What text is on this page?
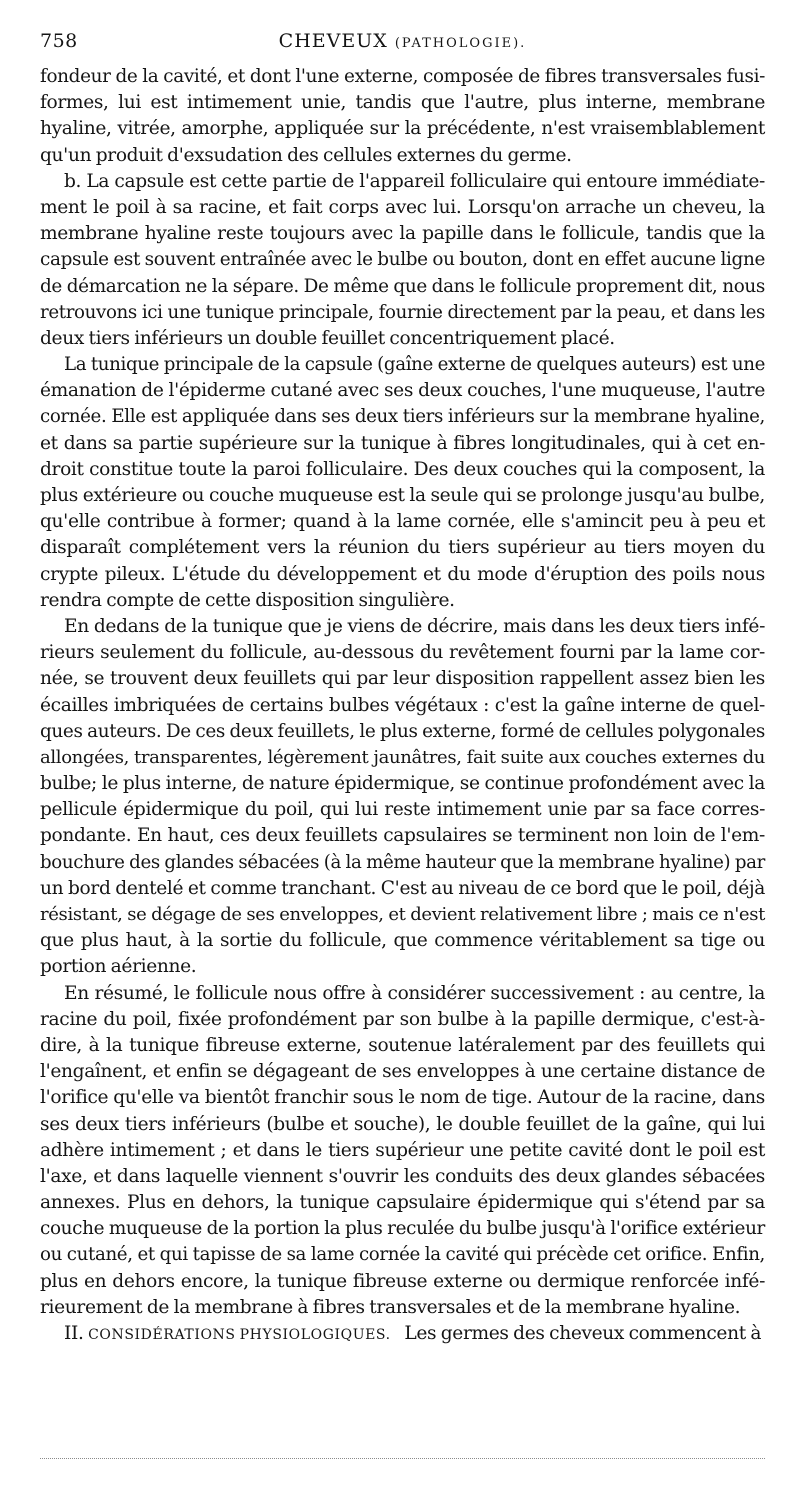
758	CHEVEUX (PATHOLOGIE).

fondeur de la cavité, et dont l'une externe, composée de fibres transversales fusi-
formes, lui est intimement unie, tandis que l'autre, plus interne, membrane
hyaline, vitrée, amorphe, appliquée sur la précédente, n'est vraisemblablement
qu'un produit d'exsudation des cellules externes du germe.

b. La capsule est cette partie de l'appareil folliculaire qui entoure immédiate-
ment le poil à sa racine, et fait corps avec lui. Lorsqu'on arrache un cheveu, la
membrane hyaline reste toujours avec la papille dans le follicule, tandis que la
capsule est souvent entraînée avec le bulbe ou bouton, dont en effet aucune ligne
de démarcation ne la sépare. De même que dans le follicule proprement dit, nous
retrouvons ici une tunique principale, fournie directement par la peau, et dans les
deux tiers inférieurs un double feuillet concentriquement placé.

La tunique principale de la capsule (gaîne externe de quelques auteurs) est une
émanation de l'épiderme cutané avec ses deux couches, l'une muqueuse, l'autre
cornée. Elle est appliquée dans ses deux tiers inférieurs sur la membrane hyaline,
et dans sa partie supérieure sur la tunique à fibres longitudinales, qui à cet en-
droit constitue toute la paroi folliculaire. Des deux couches qui la composent, la
plus extérieure ou couche muqueuse est la seule qui se prolonge jusqu'au bulbe,
qu'elle contribue à former; quand à la lame cornée, elle s'amincit peu à peu et
disparaît complétement vers la réunion du tiers supérieur au tiers moyen du
crypte pileux. L'étude du développement et du mode d'éruption des poils nous
rendra compte de cette disposition singulière.

En dedans de la tunique que je viens de décrire, mais dans les deux tiers infé-
rieurs seulement du follicule, au-dessous du revêtement fourni par la lame cor-
née, se trouvent deux feuillets qui par leur disposition rappellent assez bien les
écailles imbriquées de certains bulbes végétaux : c'est la gaîne interne de quel-
ques auteurs. De ces deux feuillets, le plus externe, formé de cellules polygonales
allongées, transparentes, légèrement jaunâtres, fait suite aux couches externes du
bulbe; le plus interne, de nature épidermique, se continue profondément avec la
pellicule épidermique du poil, qui lui reste intimement unie par sa face corres-
pondante. En haut, ces deux feuillets capsulaires se terminent non loin de l'em-
bouchure des glandes sébacées (à la même hauteur que la membrane hyaline) par
un bord dentelé et comme tranchant. C'est au niveau de ce bord que le poil, déjà
résistant, se dégage de ses enveloppes, et devient relativement libre ; mais ce n'est
que plus haut, à la sortie du follicule, que commence véritablement sa tige ou
portion aérienne.

En résumé, le follicule nous offre à considérer successivement : au centre, la
racine du poil, fixée profondément par son bulbe à la papille dermique, c'est-à-
dire, à la tunique fibreuse externe, soutenue latéralement par des feuillets qui
l'engaînent, et enfin se dégageant de ses enveloppes à une certaine distance de
l'orifice qu'elle va bientôt franchir sous le nom de tige. Autour de la racine, dans
ses deux tiers inférieurs (bulbe et souche), le double feuillet de la gaîne, qui lui
adhère intimement ; et dans le tiers supérieur une petite cavité dont le poil est
l'axe, et dans laquelle viennent s'ouvrir les conduits des deux glandes sébacées
annexes. Plus en dehors, la tunique capsulaire épidermique qui s'étend par sa
couche muqueuse de la portion la plus reculée du bulbe jusqu'à l'orifice extérieur
ou cutané, et qui tapisse de sa lame cornée la cavité qui précède cet orifice. Enfin,
plus en dehors encore, la tunique fibreuse externe ou dermique renforcée infé-
rieurement de la membrane à fibres transversales et de la membrane hyaline.

II. CONSIDÉRATIONS PHYSIOLOGIQUES. Les germes des cheveux commencent à
